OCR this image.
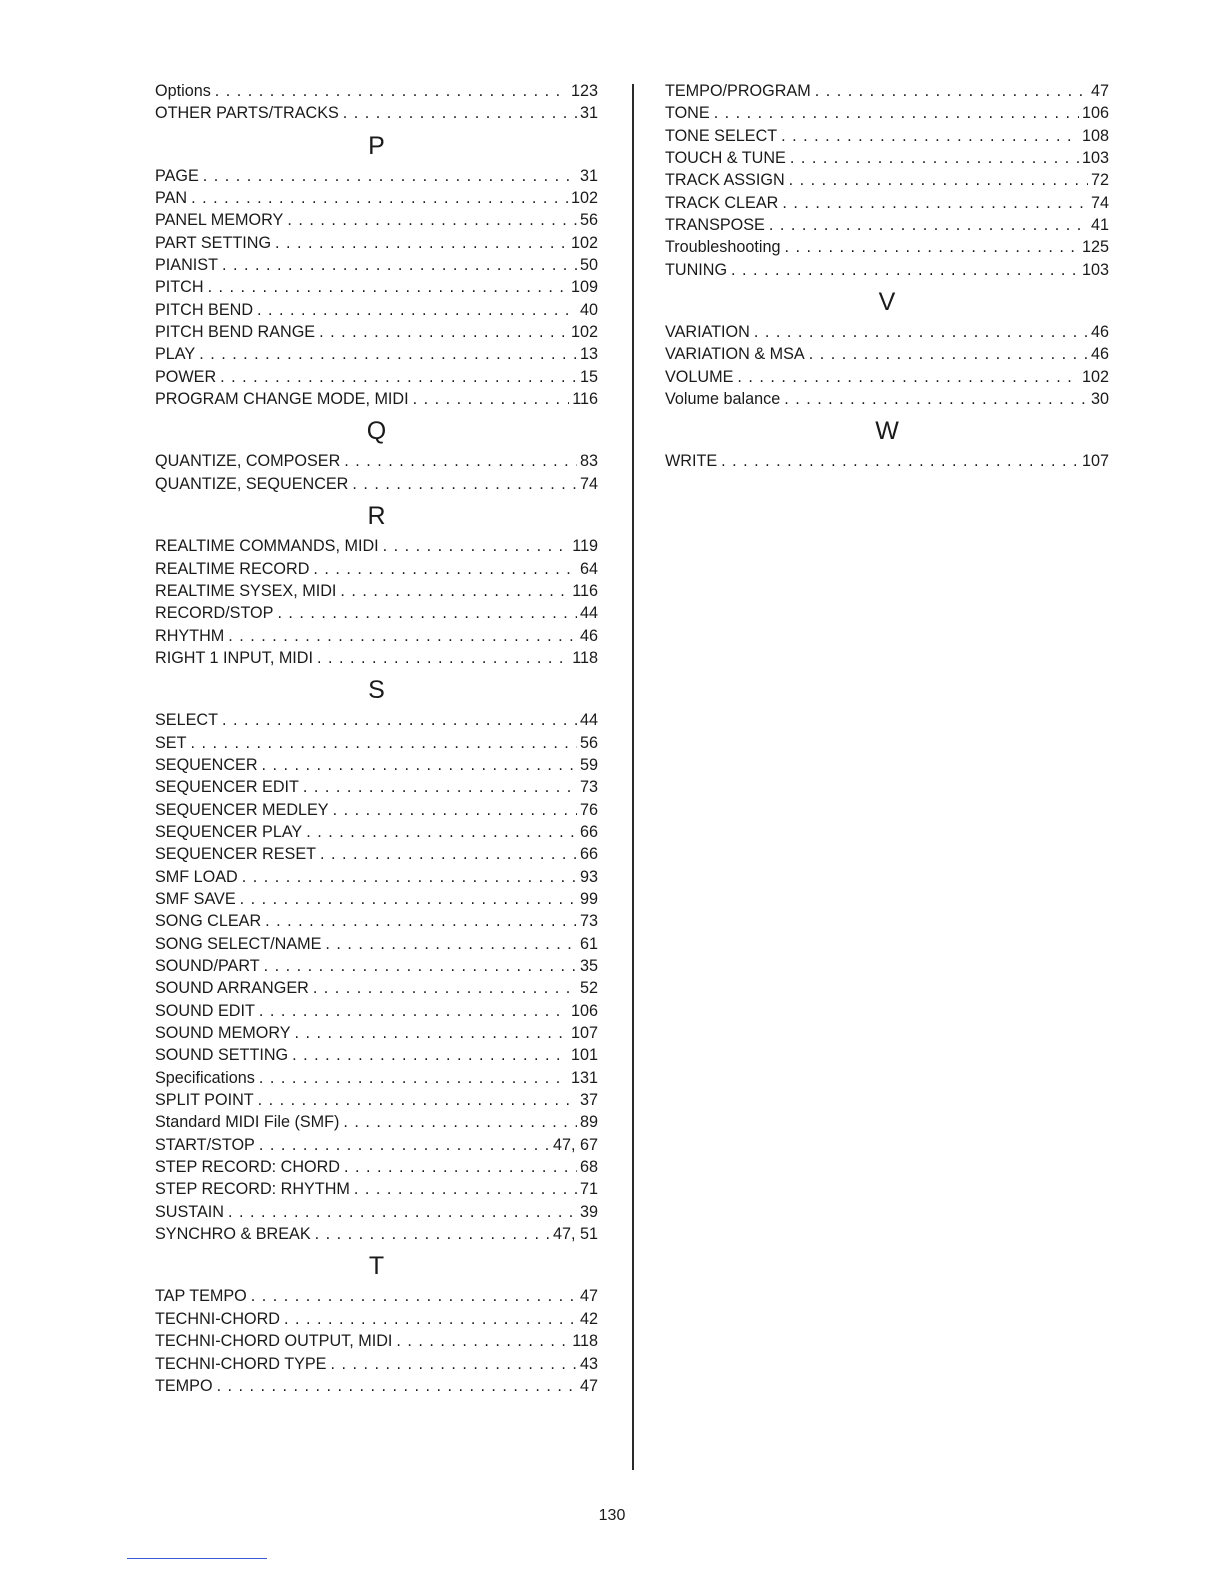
Options . . .	123
OTHER PARTS/TRACKS . . .	31
P
PAGE . . .	31
PAN . . .	102
PANEL MEMORY . . .	56
PART SETTING . . .	102
PIANIST . . .	50
PITCH . . .	109
PITCH BEND . . .	40
PITCH BEND RANGE . . .	102
PLAY . . .	13
POWER . . .	15
PROGRAM CHANGE MODE, MIDI . . .	116
Q
QUANTIZE, COMPOSER . . .	83
QUANTIZE, SEQUENCER . . .	74
R
REALTIME COMMANDS, MIDI . . .	119
REALTIME RECORD . . .	64
REALTIME SYSEX, MIDI . . .	116
RECORD/STOP . . .	44
RHYTHM . . .	46
RIGHT 1 INPUT, MIDI . . .	118
S
SELECT . . .	44
SET . . .	56
SEQUENCER . . .	59
SEQUENCER EDIT . . .	73
SEQUENCER MEDLEY . . .	76
SEQUENCER PLAY . . .	66
SEQUENCER RESET . . .	66
SMF LOAD . . .	93
SMF SAVE . . .	99
SONG CLEAR . . .	73
SONG SELECT/NAME . . .	61
SOUND/PART . . .	35
SOUND ARRANGER . . .	52
SOUND EDIT . . .	106
SOUND MEMORY . . .	107
SOUND SETTING . . .	101
Specifications . . .	131
SPLIT POINT . . .	37
Standard MIDI File (SMF) . . .	89
START/STOP . . .	47, 67
STEP RECORD: CHORD . . .	68
STEP RECORD: RHYTHM . . .	71
SUSTAIN . . .	39
SYNCHRO & BREAK . . .	47, 51
T
TAP TEMPO . . .	47
TECHNI-CHORD . . .	42
TECHNI-CHORD OUTPUT, MIDI . . .	118
TECHNI-CHORD TYPE . . .	43
TEMPO . . .	47
TEMPO/PROGRAM . . .	47
TONE . . .	106
TONE SELECT . . .	108
TOUCH & TUNE . . .	103
TRACK ASSIGN . . .	72
TRACK CLEAR . . .	74
TRANSPOSE . . .	41
Troubleshooting . . .	125
TUNING . . .	103
V
VARIATION . . .	46
VARIATION & MSA . . .	46
VOLUME . . .	102
Volume balance . . .	30
W
WRITE . . .	107
130
